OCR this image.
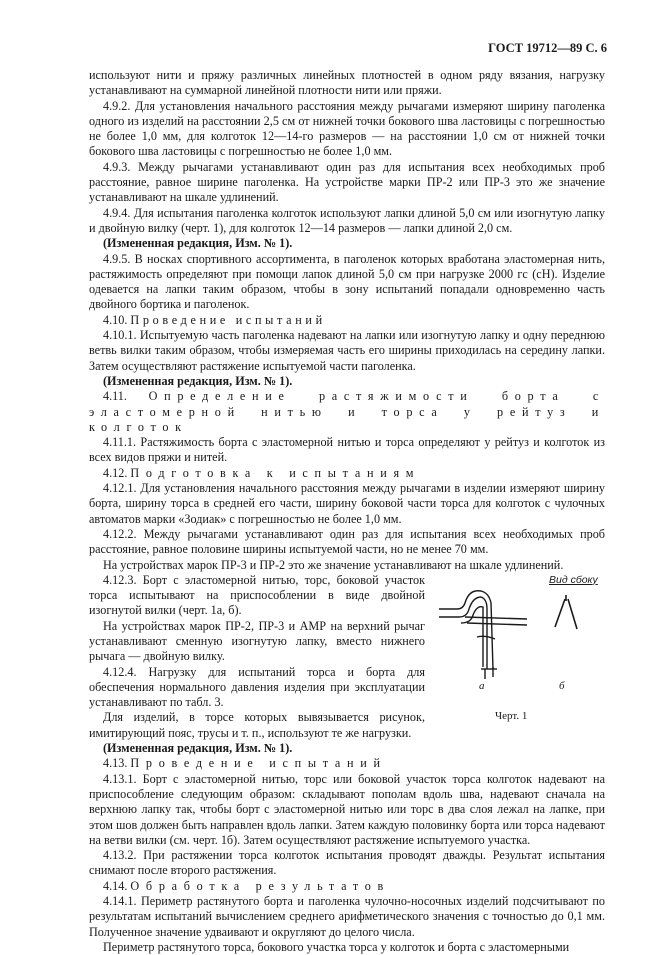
ГОСТ 19712—89 С. 6

используют нити и пряжу различных линейных плотностей в одном ряду вязания, нагрузку устанавливают на суммарной линейной плотности нити или пряжи.

4.9.2. Для установления начального расстояния между рычагами измеряют ширину паголенка одного из изделий на расстоянии 2,5 см от нижней точки бокового шва ластовицы с погрешностью не более 1,0 мм, для колготок 12—14-го размеров — на расстоянии 1,0 см от нижней точки бокового шва ластовицы с погрешностью не более 1,0 мм.

4.9.3. Между рычагами устанавливают один раз для испытания всех необходимых проб расстояние, равное ширине паголенка. На устройстве марки ПР-2 или ПР-3 это же значение устанавливают на шкале удлинений.

4.9.4. Для испытания паголенка колготок используют лапки длиной 5,0 см или изогнутую лапку и двойную вилку (черт. 1), для колготок 12—14 размеров — лапки длиной 2,0 см.

(Измененная редакция, Изм. № 1).

4.9.5. В носках спортивного ассортимента, в паголенок которых вработана эластомерная нить, растяжимость определяют при помощи лапок длиной 5,0 см при нагрузке 2000 гс (сН). Изделие одевается на лапки таким образом, чтобы в зону испытаний попадали одновременно часть двойного бортика и паголенок.

4.10. Проведение испытаний

4.10.1. Испытуемую часть паголенка надевают на лапки или изогнутую лапку и одну переднюю ветвь вилки таким образом, чтобы измеряемая часть его ширины приходилась на середину лапки. Затем осуществляют растяжение испытуемой части паголенка.

(Измененная редакция, Изм. № 1).

4.11. Определение растяжимости борта с эластомерной нитью и торса у рейтуз и колготок

4.11.1. Растяжимость борта с эластомерной нитью и торса определяют у рейтуз и колготок из всех видов пряжи и нитей.

4.12. Подготовка к испытаниям

4.12.1. Для установления начального расстояния между рычагами в изделии измеряют ширину борта, ширину торса в средней его части, ширину боковой части торса для колготок с чулочных автоматов марки «Зодиак» с погрешностью не более 1,0 мм.

4.12.2. Между рычагами устанавливают один раз для испытания всех необходимых проб расстояние, равное половине ширины испытуемой части, но не менее 70 мм.

На устройствах марок ПР-3 и ПР-2 это же значение устанавливают на шкале удлинений.

Вид сбоку
а	б
Черт. 1

4.12.3. Борт с эластомерной нитью, торс, боковой участок торса испытывают на приспособлении в виде двойной изогнутой вилки (черт. 1а, б).

На устройствах марок ПР-2, ПР-3 и АМР на верхний рычаг устанавливают сменную изогнутую лапку, вместо нижнего рычага — двойную вилку.

4.12.4. Нагрузку для испытаний торса и борта для обеспечения нормального давления изделия при эксплуатации устанавливают по табл. 3.

Для изделий, в торсе которых вывязывается рисунок, имитирующий пояс, трусы и т. п., используют те же нагрузки.

(Измененная редакция, Изм. № 1).

4.13. Проведение испытаний

4.13.1. Борт с эластомерной нитью, торс или боковой участок торса колготок надевают на приспособление следующим образом: складывают пополам вдоль шва, надевают сначала на верхнюю лапку так, чтобы борт с эластомерной нитью или торс в два слоя лежал на лапке, при этом шов должен быть направлен вдоль лапки. Затем каждую половинку борта или торса надевают на ветви вилки (см. черт. 1б). Затем осуществляют растяжение испытуемого участка.

4.13.2. При растяжении торса колготок испытания проводят дважды. Результат испытания снимают после второго растяжения.

4.14. Обработка результатов

4.14.1. Периметр растянутого борта и паголенка чулочно-носочных изделий подсчитывают по результатам испытаний вычислением среднего арифметического значения с точностью до 0,1 мм. Полученное значение удваивают и округляют до целого числа.

Периметр растянутого торса, бокового участка торса у колготок и борта с эластомерными
